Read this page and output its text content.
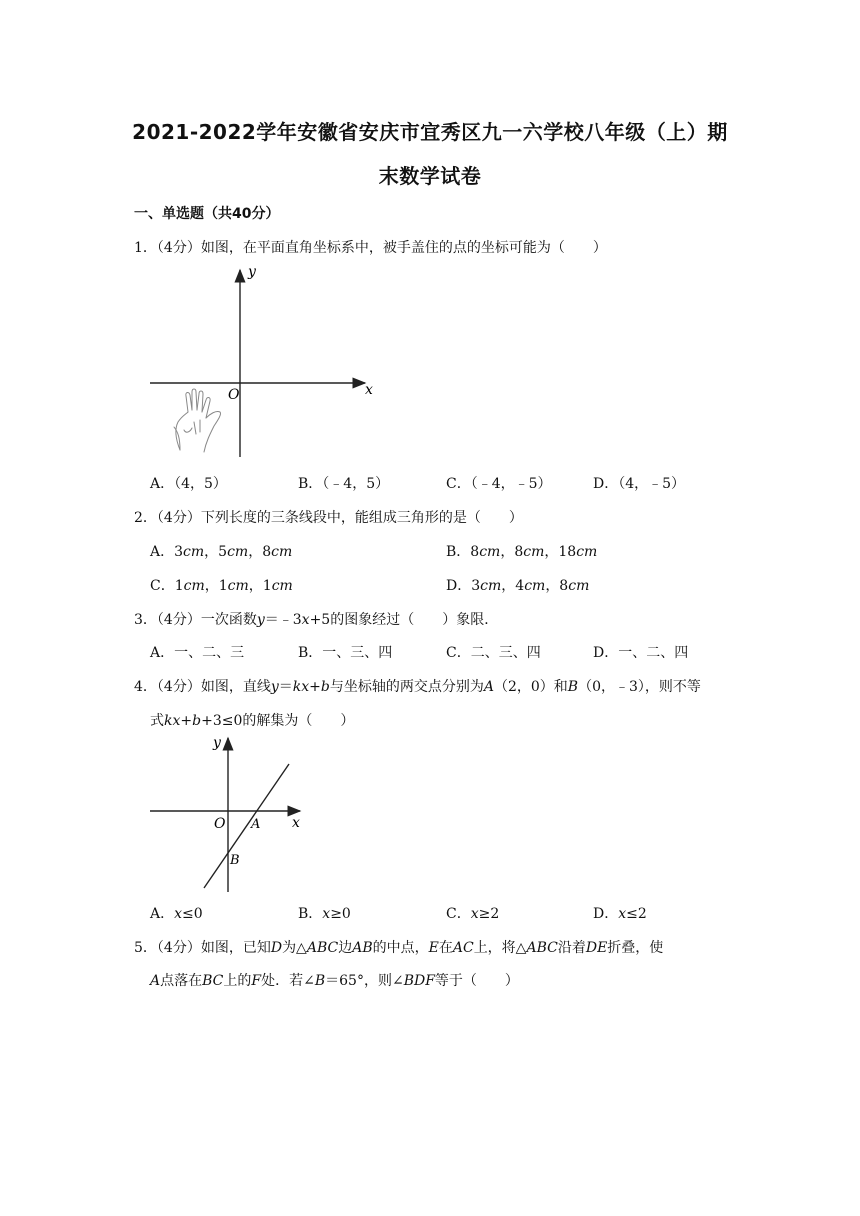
2021-2022学年安徽省安庆市宜秀区九一六学校八年级（上）期
末数学试卷
一、单选题（共40分）
1．（4分）如图，在平面直角坐标系中，被手盖住的点的坐标可能为（　　）
y
x
O
A．（4，5）	B．（﹣4，5）	C．（﹣4，﹣5）	D．（4，﹣5）
2．（4分）下列长度的三条线段中，能组成三角形的是（　　）
A．3cm，5cm，8cm	B．8cm，8cm，18cm
C．1cm，1cm，1cm	D．3cm，4cm，8cm
3．（4分）一次函数y＝﹣3x+5的图象经过（　　）象限．
A．一、二、三	B．一、三、四	C．二、三、四	D．一、二、四
4．（4分）如图，直线y＝kx+b与坐标轴的两交点分别为A（2，0）和B（0，﹣3），则不等
式kx+b+3≤0的解集为（　　）
y
x
O A
B
A．x≤0	B．x≥0	C．x≥2	D．x≤2
5．（4分）如图，已知D为△ABC边AB的中点，E在AC上，将△ABC沿着DE折叠，使
A点落在BC上的F处．若∠B＝65°，则∠BDF等于（　　）
